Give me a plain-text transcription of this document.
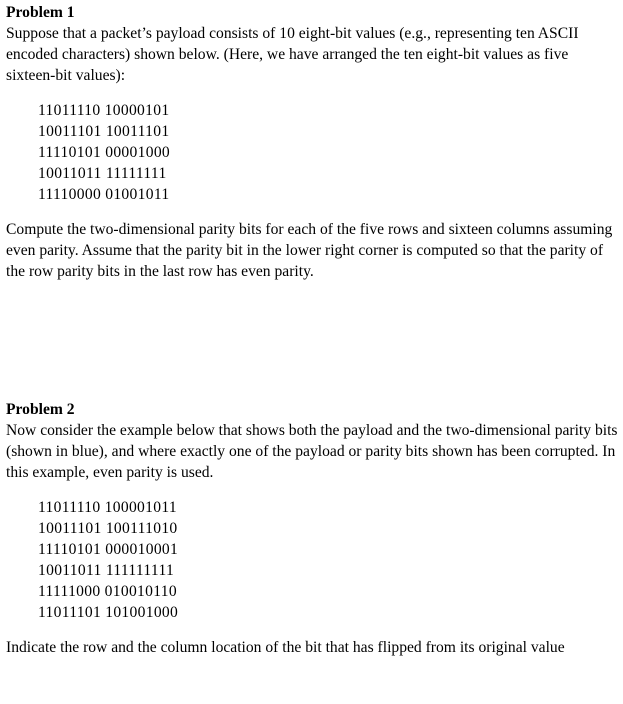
Problem 1

Suppose that a packet’s payload consists of 10 eight-bit values (e.g., representing ten ASCII encoded characters) shown below. (Here, we have arranged the ten eight-bit values as five sixteen-bit values):

11011110 10000101
10011101 10011101
11110101 00001000
10011011 11111111
11110000 01001011

Compute the two-dimensional parity bits for each of the five rows and sixteen columns assuming even parity. Assume that the parity bit in the lower right corner is computed so that the parity of the row parity bits in the last row has even parity.

Problem 2

Now consider the example below that shows both the payload and the two-dimensional parity bits (shown in blue), and where exactly one of the payload or parity bits shown has been corrupted. In this example, even parity is used.

11011110 100001011
10011101 100111010
11110101 000010001
10011011 111111111
11111000 010010110
11011101 101001000

Indicate the row and the column location of the bit that has flipped from its original value
